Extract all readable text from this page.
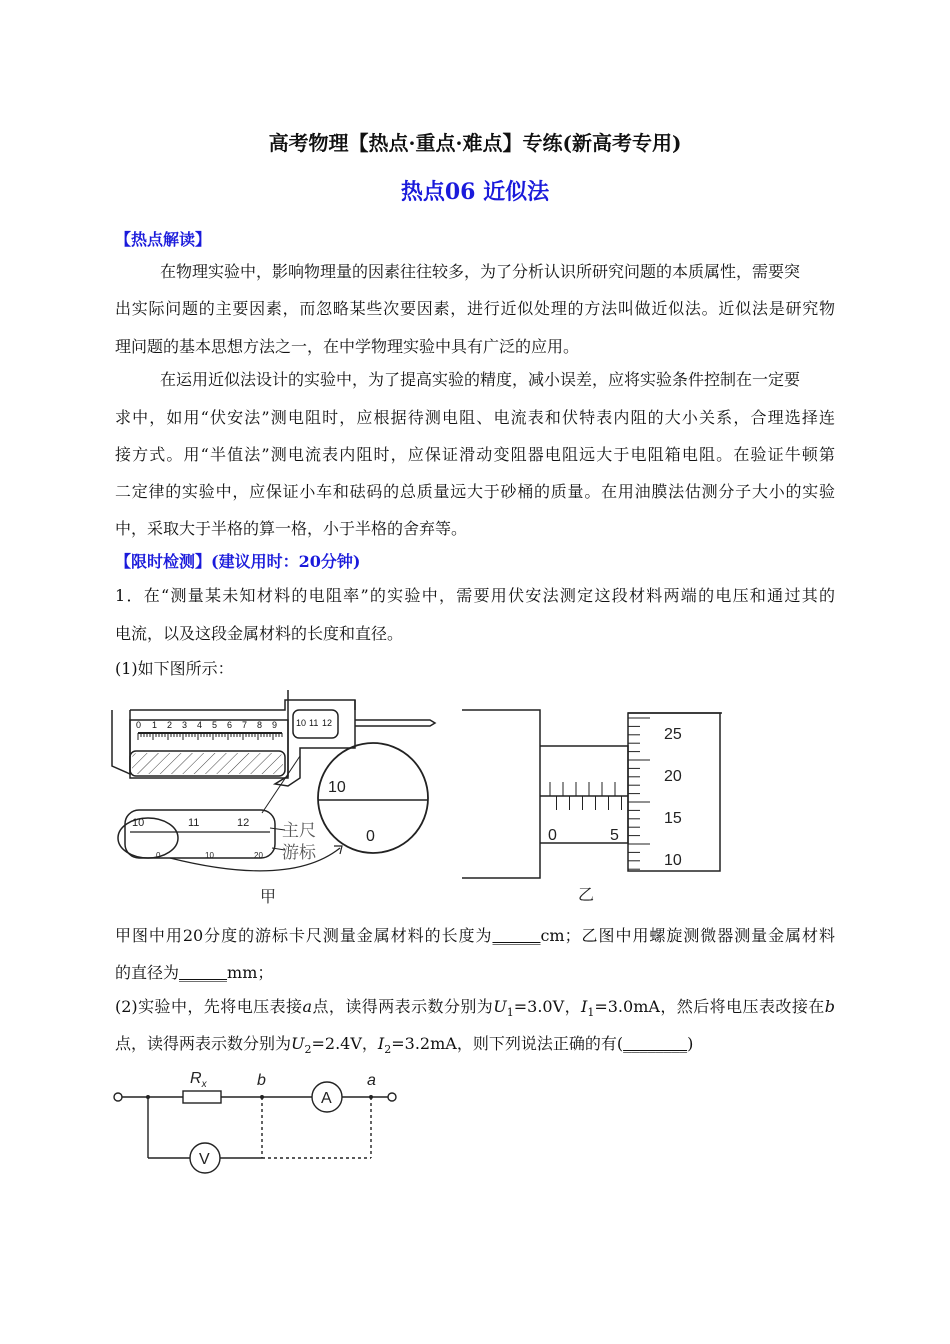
高考物理【热点·重点·难点】专练(新高考专用)
热点06 近似法
【热点解读】
在物理实验中，影响物理量的因素往往较多，为了分析认识所研究问题的本质属性，需要突
出实际问题的主要因素，而忽略某些次要因素，进行近似处理的方法叫做近似法。近似法是研究物
理问题的基本思想方法之一，在中学物理实验中具有广泛的应用。
在运用近似法设计的实验中，为了提高实验的精度，减小误差，应将实验条件控制在一定要
求中，如用“伏安法”测电阻时，应根据待测电阻、电流表和伏特表内阻的大小关系，合理选择连
接方式。用“半值法”测电流表内阻时，应保证滑动变阻器电阻远大于电阻箱电阻。在验证牛顿第
二定律的实验中，应保证小车和砝码的总质量远大于砂桶的质量。在用油膜法估测分子大小的实验
中，采取大于半格的算一格，小于半格的舍弃等。
【限时检测】(建议用时：20分钟)
1．在“测量某未知材料的电阻率”的实验中，需要用伏安法测定这段材料两端的电压和通过其的
电流，以及这段金属材料的长度和直径。
(1)如下图所示：
0 1 2 3 4 5 6 7 8 9 10 11 12
10	11	12
0	10	20
主尺
游标
10
0
甲
0	5
25
20
15
10
乙
甲图中用20分度的游标卡尺测量金属材料的长度为______cm；乙图中用螺旋测微器测量金属材料
的直径为______mm；
(2)实验中，先将电压表接a点，读得两表示数分别为$U_1=3.0V$，$I_1=3.0mA$，然后将电压表改接在b
点，读得两表示数分别为$U_2=2.4V$，$I_2=3.2mA$，则下列说法正确的有(________)
$R_x$	b	a
A
V
